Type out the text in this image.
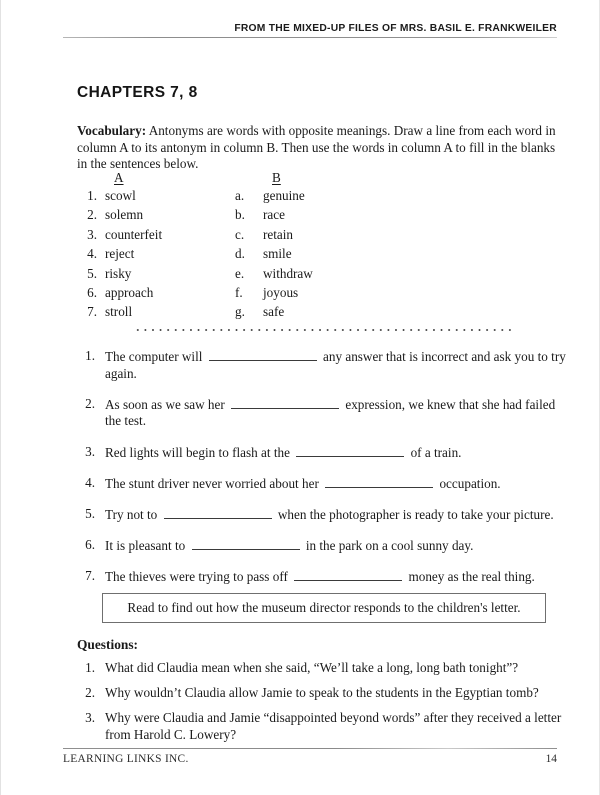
FROM THE MIXED-UP FILES OF MRS. BASIL E. FRANKWEILER
CHAPTERS 7, 8
Vocabulary: Antonyms are words with opposite meanings. Draw a line from each word in column A to its antonym in column B. Then use the words in column A to fill in the blanks in the sentences below.
A	B
1. scowl	a.	genuine
2. solemn	b.	race
3. counterfeit	c.	retain
4. reject	d.	smile
5. risky	e.	withdraw
6. approach	f.	joyous
7. stroll	g.	safe
1. The computer will	any answer that is incorrect and ask you to try again.
2. As soon as we saw her	expression, we knew that she had failed the test.
3. Red lights will begin to flash at the	of a train.
4. The stunt driver never worried about her	occupation.
5. Try not to	when the photographer is ready to take your picture.
6. It is pleasant to	in the park on a cool sunny day.
7. The thieves were trying to pass off	money as the real thing.
Read to find out how the museum director responds to the children's letter.
Questions:
1. What did Claudia mean when she said, “We’ll take a long, long bath tonight”?
2. Why wouldn’t Claudia allow Jamie to speak to the students in the Egyptian tomb?
3. Why were Claudia and Jamie “disappointed beyond words” after they received a letter from Harold C. Lowery?
LEARNING LINKS INC.	14
